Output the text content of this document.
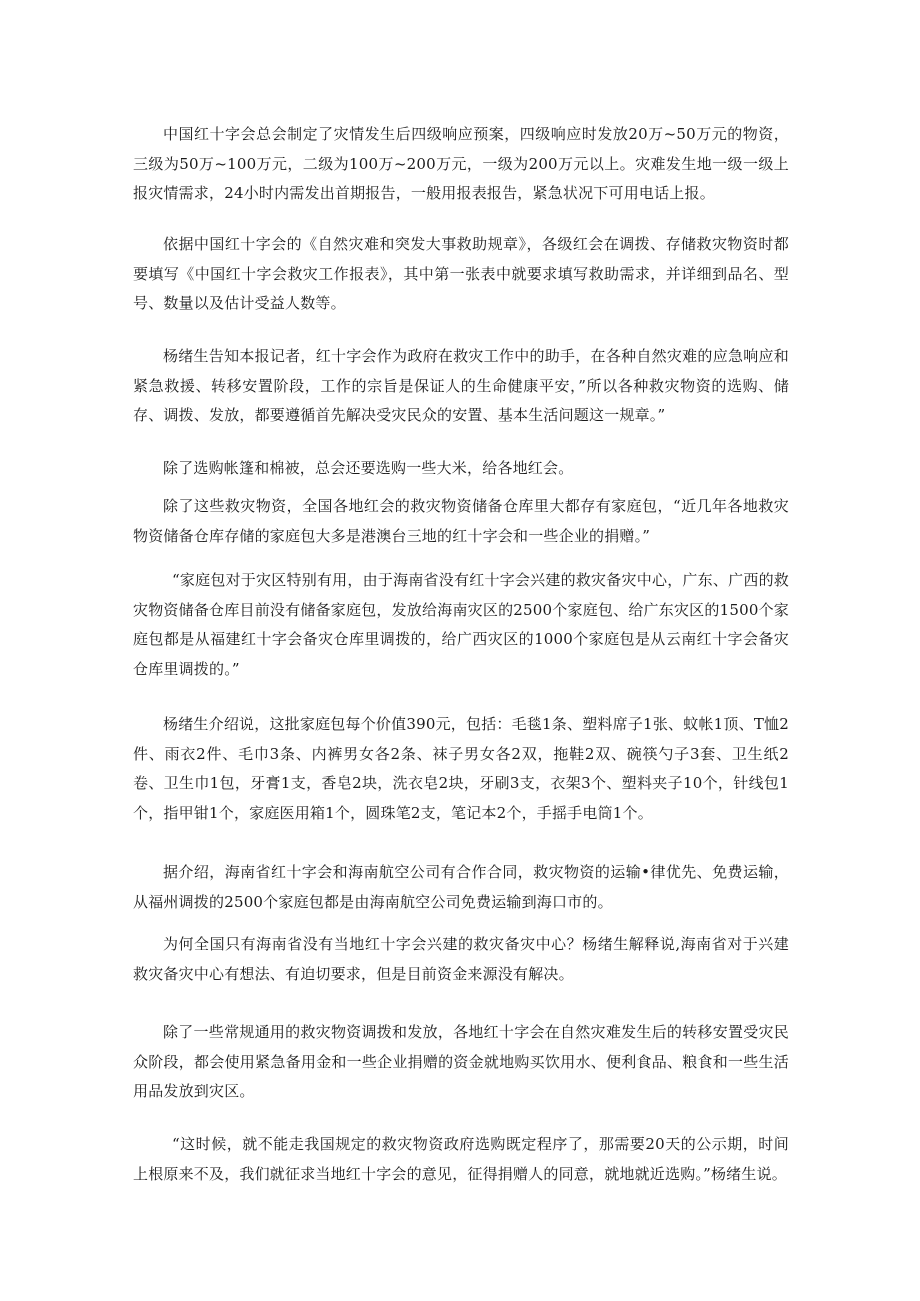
中国红十字会总会制定了灾情发生后四级响应预案，四级响应时发放20万~50万元的物资，三级为50万~100万元，二级为100万~200万元，一级为200万元以上。灾难发生地一级一级上报灾情需求，24小时内需发出首期报告，一般用报表报告，紧急状况下可用电话上报。

依据中国红十字会的《自然灾难和突发大事救助规章》，各级红会在调拨、存储救灾物资时都要填写《中国红十字会救灾工作报表》，其中第一张表中就要求填写救助需求，并详细到品名、型号、数量以及估计受益人数等。

杨绪生告知本报记者，红十字会作为政府在救灾工作中的助手，在各种自然灾难的应急响应和紧急救援、转移安置阶段，工作的宗旨是保证人的生命健康平安，”所以各种救灾物资的选购、储存、调拨、发放，都要遵循首先解决受灾民众的安置、基本生活问题这一规章。”

除了选购帐篷和棉被，总会还要选购一些大米，给各地红会。

除了这些救灾物资，全国各地红会的救灾物资储备仓库里大都存有家庭包，“近几年各地救灾物资储备仓库存储的家庭包大多是港澳台三地的红十字会和一些企业的捐赠。”

“家庭包对于灾区特别有用，由于海南省没有红十字会兴建的救灾备灾中心，广东、广西的救灾物资储备仓库目前没有储备家庭包，发放给海南灾区的2500个家庭包、给广东灾区的1500个家庭包都是从福建红十字会备灾仓库里调拨的，给广西灾区的1000个家庭包是从云南红十字会备灾仓库里调拨的。”

杨绪生介绍说，这批家庭包每个价值390元，包括：毛毯1条、塑料席子1张、蚊帐1顶、T恤2件、雨衣2件、毛巾3条、内裤男女各2条、袜子男女各2双，拖鞋2双、碗筷勺子3套、卫生纸2卷、卫生巾1包，牙膏1支，香皂2块，洗衣皂2块，牙刷3支，衣架3个、塑料夹子10个，针线包1个，指甲钳1个，家庭医用箱1个，圆珠笔2支，笔记本2个，手摇手电筒1个。

据介绍，海南省红十字会和海南航空公司有合作合同，救灾物资的运输•律优先、免费运输，从福州调拨的2500个家庭包都是由海南航空公司免费运输到海口市的。

为何全国只有海南省没有当地红十字会兴建的救灾备灾中心？杨绪生解释说,海南省对于兴建救灾备灾中心有想法、有迫切要求，但是目前资金来源没有解决。

除了一些常规通用的救灾物资调拨和发放，各地红十字会在自然灾难发生后的转移安置受灾民众阶段，都会使用紧急备用金和一些企业捐赠的资金就地购买饮用水、便利食品、粮食和一些生活用品发放到灾区。

“这时候，就不能走我国规定的救灾物资政府选购既定程序了，那需要20天的公示期，时间上根原来不及，我们就征求当地红十字会的意见，征得捐赠人的同意，就地就近选购。”杨绪生说。
